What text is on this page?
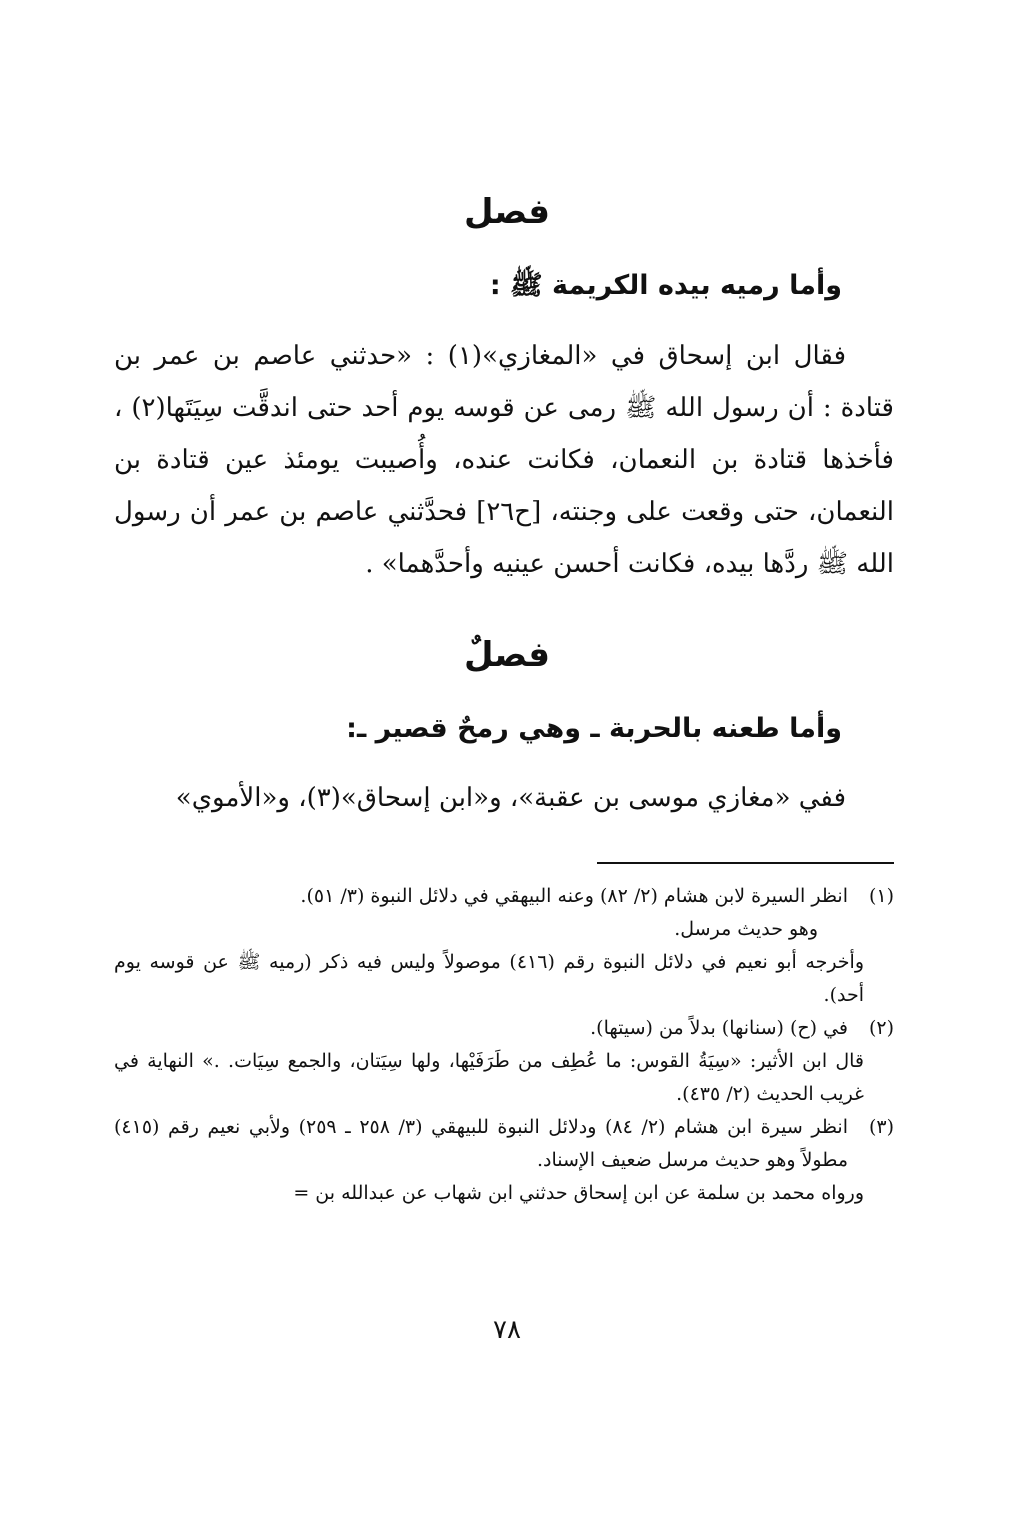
فصل
وأما رميه بيده الكريمة ﷺ :

فقال ابن إسحاق في «المغازي»(١) : «حدثني عاصم بن عمر بن قتادة : أن رسول الله ﷺ رمى عن قوسه يوم أحد حتى اندقَّت سِيَتَها(٢) ، فأخذها قتادة بن النعمان، فكانت عنده، وأُصيبت يومئذ عين قتادة بن النعمان، حتى وقعت على وجنته، [ح٢٦] فحدَّثني عاصم بن عمر أن رسول الله ﷺ ردَّها بيده، فكانت أحسن عينيه وأحدَّهما» .

فصلٌ
وأما طعنه بالحربة ـ وهي رمحٌ قصير ـ:

ففي «مغازي موسى بن عقبة»، و«ابن إسحاق»(٣)، و«الأموي»

(١)
انظر السيرة لابن هشام (٢/ ٨٢) وعنه البيهقي في دلائل النبوة (٣/ ٥١).
وهو حديث مرسل.
وأخرجه أبو نعيم في دلائل النبوة رقم (٤١٦) موصولاً وليس فيه ذكر (رميه ﷺ عن قوسه يوم أحد).
(٢)
في (ح) (سنانها) بدلاً من (سيتها).
قال ابن الأثير: «سِيَةُ القوس: ما عُطِف من طَرَفَيْها، ولها سِيَتان، والجمع سِيَات. .» النهاية في غريب الحديث (٢/ ٤٣٥).
(٣)
انظر سيرة ابن هشام (٢/ ٨٤) ودلائل النبوة للبيهقي (٣/ ٢٥٨ ـ ٢٥٩) ولأبي نعيم رقم (٤١٥) مطولاً وهو حديث مرسل ضعيف الإسناد.
ورواه محمد بن سلمة عن ابن إسحاق حدثني ابن شهاب عن عبدالله بن =
٧٨
